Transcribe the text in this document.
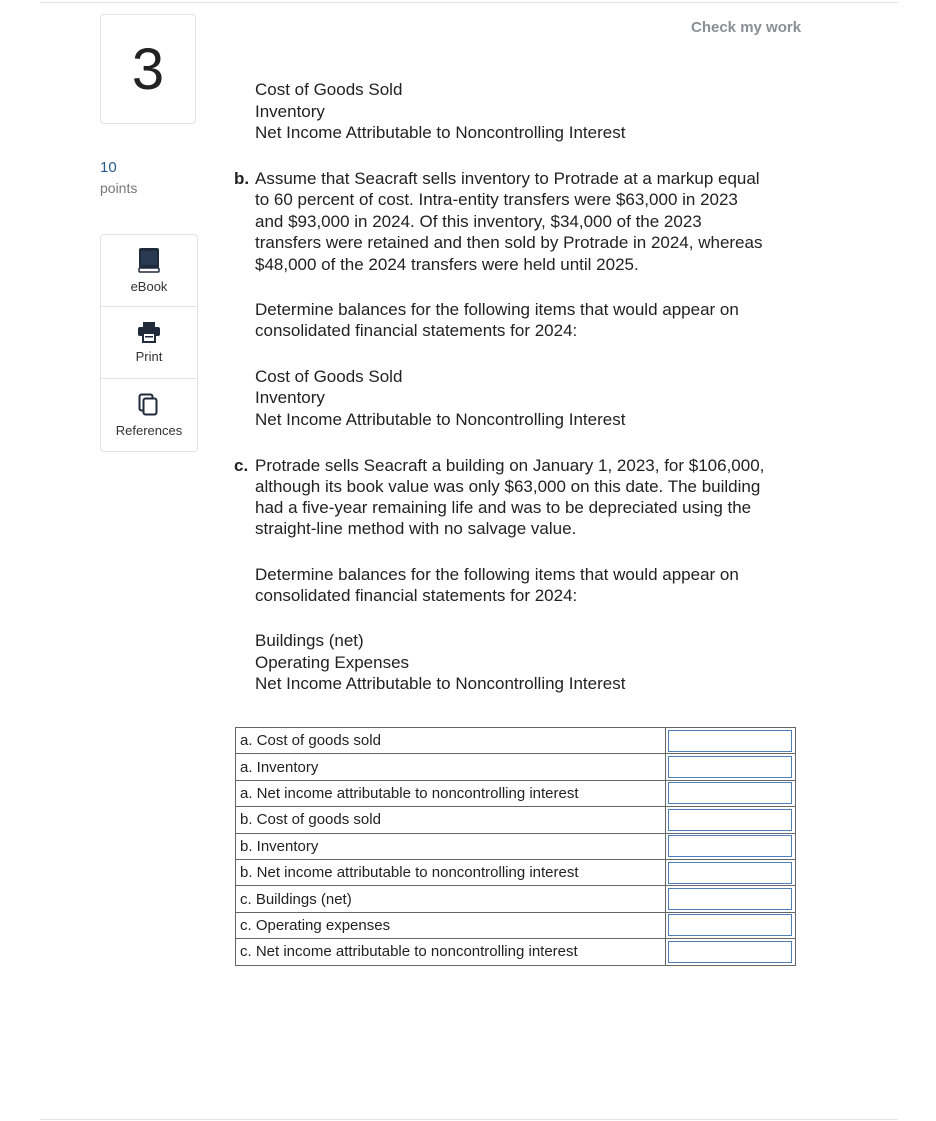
Check my work
3
10
points
eBook
Print
References
Cost of Goods Sold
Inventory
Net Income Attributable to Noncontrolling Interest
b. Assume that Seacraft sells inventory to Protrade at a markup equal
to 60 percent of cost. Intra-entity transfers were $63,000 in 2023
and $93,000 in 2024. Of this inventory, $34,000 of the 2023
transfers were retained and then sold by Protrade in 2024, whereas
$48,000 of the 2024 transfers were held until 2025.
Determine balances for the following items that would appear on
consolidated financial statements for 2024:
Cost of Goods Sold
Inventory
Net Income Attributable to Noncontrolling Interest
c. Protrade sells Seacraft a building on January 1, 2023, for $106,000,
although its book value was only $63,000 on this date. The building
had a five-year remaining life and was to be depreciated using the
straight-line method with no salvage value.
Determine balances for the following items that would appear on
consolidated financial statements for 2024:
Buildings (net)
Operating Expenses
Net Income Attributable to Noncontrolling Interest
a. Cost of goods sold	

a. Inventory	

a. Net income attributable to noncontrolling interest	

b. Cost of goods sold	

b. Inventory	

b. Net income attributable to noncontrolling interest	

c. Buildings (net)	

c. Operating expenses	

c. Net income attributable to noncontrolling interest	
